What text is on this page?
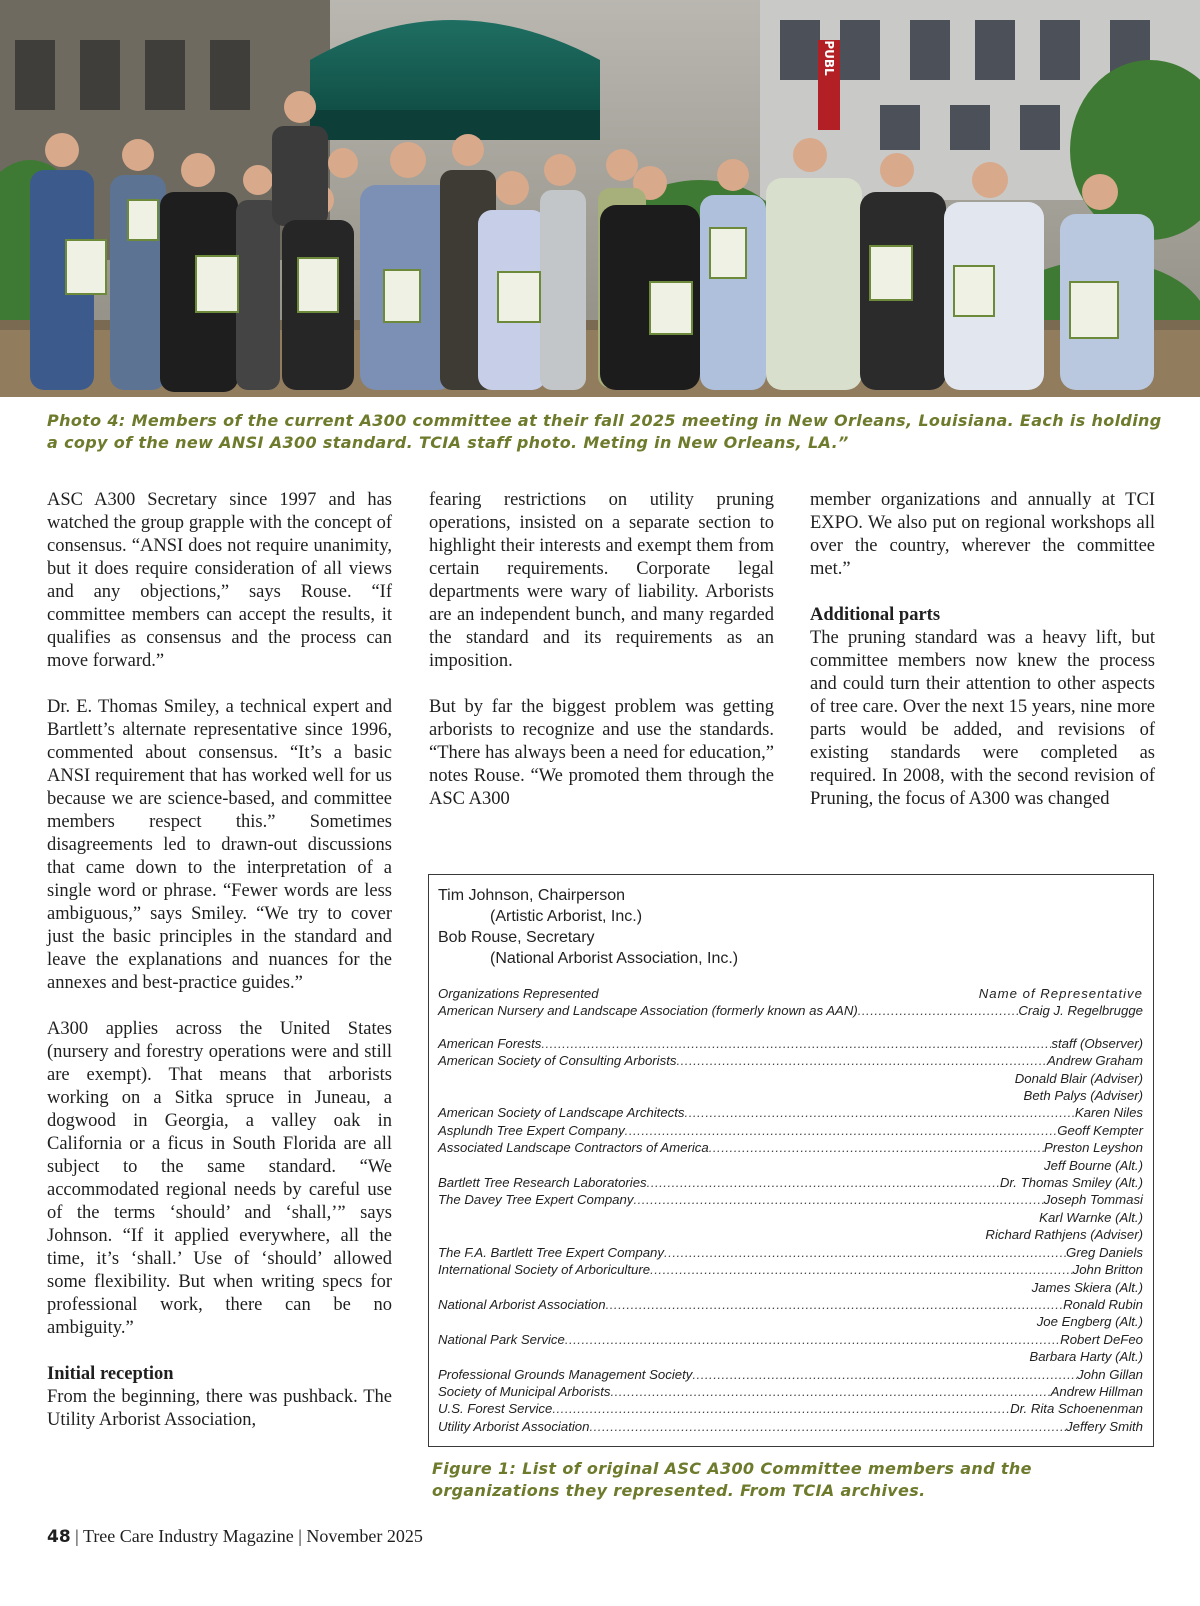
PUBL
Photo 4: Members of the current A300 committee at their fall 2025 meeting in New Orleans, Louisiana. Each is holding a copy of the new ANSI A300 standard. TCIA staff photo. Meting in New Orleans, LA.”

ASC A300 Secretary since 1997 and has watched the group grapple with the concept of consensus. “ANSI does not require unanimity, but it does require consideration of all views and any objections,” says Rouse. “If committee members can accept the results, it qualifies as consensus and the process can move forward.”

Dr. E. Thomas Smiley, a technical expert and Bartlett’s alternate representative since 1996, commented about consensus. “It’s a basic ANSI requirement that has worked well for us because we are science-based, and committee members respect this.” Sometimes disagreements led to drawn-out discussions that came down to the interpretation of a single word or phrase. “Fewer words are less ambiguous,” says Smiley. “We try to cover just the basic principles in the standard and leave the explanations and nuances for the annexes and best-practice guides.”

A300 applies across the United States (nursery and forestry operations were and still are exempt). That means that arborists working on a Sitka spruce in Juneau, a dogwood in Georgia, a valley oak in California or a ficus in South Florida are all subject to the same standard. “We accommodated regional needs by careful use of the terms ‘should’ and ‘shall,’” says Johnson. “If it applied everywhere, all the time, it’s ‘shall.’ Use of ‘should’ allowed some flexibility. But when writing specs for professional work, there can be no ambiguity.”

Initial reception

From the beginning, there was pushback. The Utility Arborist Association,

fearing restrictions on utility pruning operations, insisted on a separate section to highlight their interests and exempt them from certain requirements. Corporate legal departments were wary of liability. Arborists are an independent bunch, and many regarded the standard and its requirements as an imposition.

But by far the biggest problem was getting arborists to recognize and use the standards. “There has always been a need for education,” notes Rouse. “We promoted them through the ASC A300

member organizations and annually at TCI EXPO. We also put on regional workshops all over the country, wherever the committee met.”

Additional parts

The pruning standard was a heavy lift, but committee members now knew the process and could turn their attention to other aspects of tree care. Over the next 15 years, nine more parts would be added, and revisions of existing standards were completed as required. In 2008, with the second revision of Pruning, the focus of A300 was changed

Tim Johnson, Chairperson
(Artistic Arborist, Inc.)
Bob Rouse, Secretary
(National Arborist Association, Inc.)
Organizations Represented	Name of Representative
American Nursery and Landscape Association (formerly known as AAN) .....	Craig J. Regelbrugge
American Forests .....	staff (Observer)
American Society of Consulting Arborists .....	Andrew Graham
Donald Blair (Adviser)
Beth Palys (Adviser)
American Society of Landscape Architects .....	Karen Niles
Asplundh Tree Expert Company .....	Geoff Kempter
Associated Landscape Contractors of America .....	Preston Leyshon
Jeff Bourne (Alt.)
Bartlett Tree Research Laboratories .....	Dr. Thomas Smiley (Alt.)
The Davey Tree Expert Company .....	Joseph Tommasi
Karl Warnke (Alt.)
Richard Rathjens (Adviser)
The F.A. Bartlett Tree Expert Company .....	Greg Daniels
International Society of Arboriculture .....	John Britton
James Skiera (Alt.)
National Arborist Association .....	Ronald Rubin
Joe Engberg (Alt.)
National Park Service .....	Robert DeFeo
Barbara Harty (Alt.)
Professional Grounds Management Society .....	John Gillan
Society of Municipal Arborists .....	Andrew Hillman
U.S. Forest Service .....	Dr. Rita Schoenenman
Utility Arborist Association .....	Jeffery Smith
Figure 1: List of original ASC A300 Committee members and the organizations they represented. From TCIA archives.
48 | Tree Care Industry Magazine | November 2025
